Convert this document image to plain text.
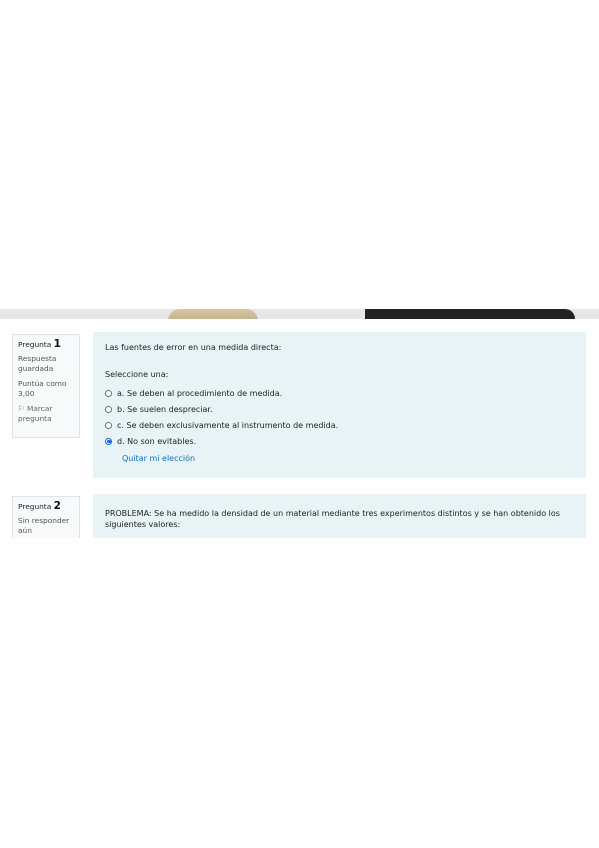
Pregunta 1
Respuesta guardada
Puntúa como 3,00
⚐ Marcar pregunta
Las fuentes de error en una medida directa:
Seleccione una:
a. Se deben al procedimiento de medida.
b. Se suelen despreciar.
c. Se deben exclusivamente al instrumento de medida.
d. No son evitables.
Quitar mi elección
Pregunta 2
Sin responder aún
PROBLEMA: Se ha medido la densidad de un material mediante tres experimentos distintos y se han obtenido los siguientes valores:
